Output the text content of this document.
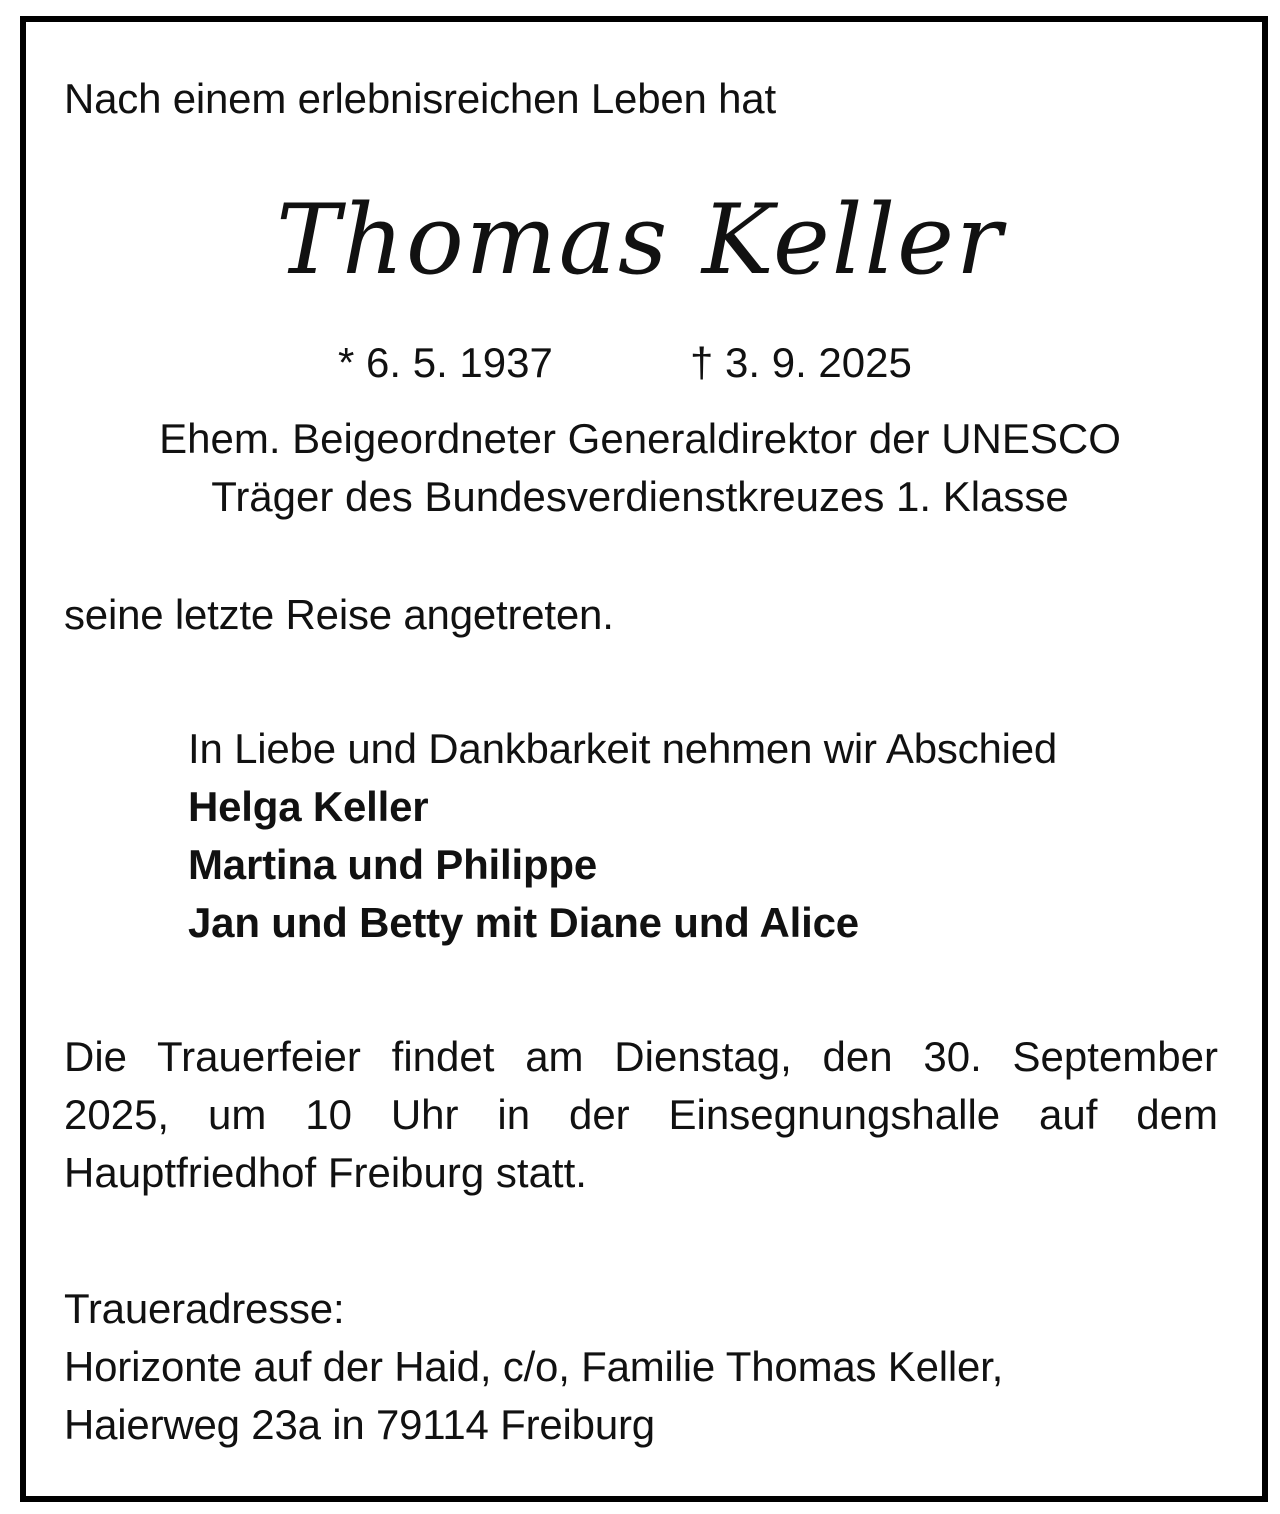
Nach einem erlebnisreichen Leben hat
Thomas Keller
* 6. 5. 1937	† 3. 9. 2025
Ehem. Beigeordneter Generaldirektor der UNESCO
Träger des Bundesverdienstkreuzes 1. Klasse
seine letzte Reise angetreten.
In Liebe und Dankbarkeit nehmen wir Abschied
Helga Keller
Martina und Philippe
Jan und Betty mit Diane und Alice
Die Trauerfeier findet am Dienstag, den 30. September
2025, um 10 Uhr in der Einsegnungshalle auf dem
Hauptfriedhof Freiburg statt.
Traueradresse:
Horizonte auf der Haid, c/o, Familie Thomas Keller,
Haierweg 23a in 79114 Freiburg
